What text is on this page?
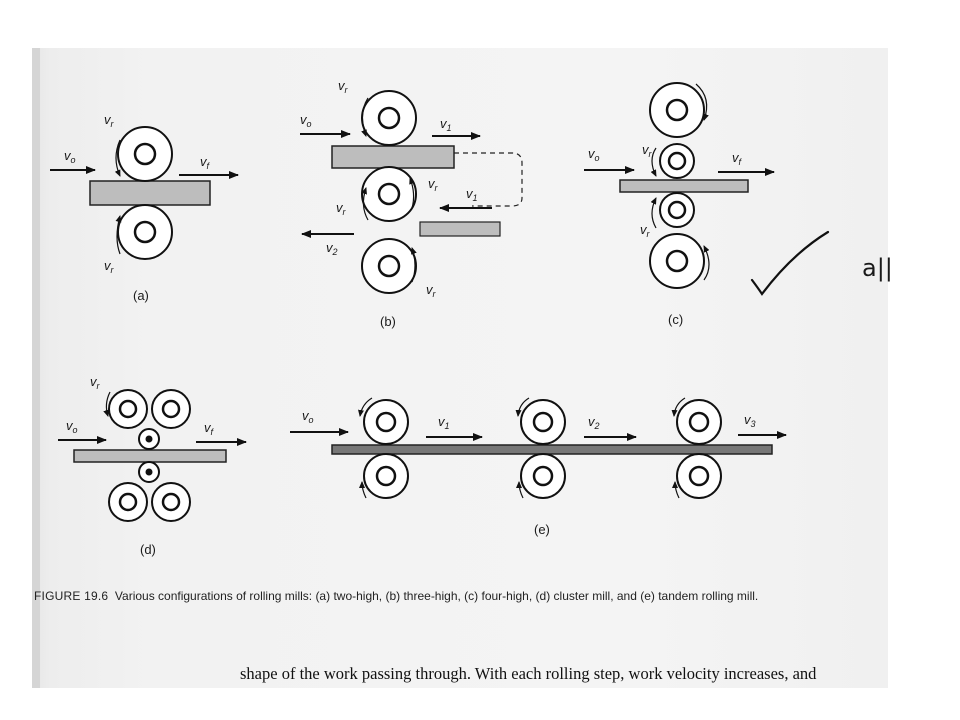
$v_o$
$v_r$
$v_f$
$v_r$
(a)
$v_r$
$v_o$	$v_1$
$v_r$ $v_1$
$v_r$
$v_2$
$v_r$
(b)
$v_o$
$v_r$	$v_f$
$v_r$
(c)
a||
$v_r$
$v_o$	$v_f$
(d)
$v_o$	$v_1$	$v_2$	$v_3$
(e)
FIGURE 19.6 Various configurations of rolling mills: (a) two-high, (b) three-high, (c) four-high, (d) cluster mill, and (e) tandem rolling mill.
shape of the work passing through. With each rolling step, work velocity increases, and
